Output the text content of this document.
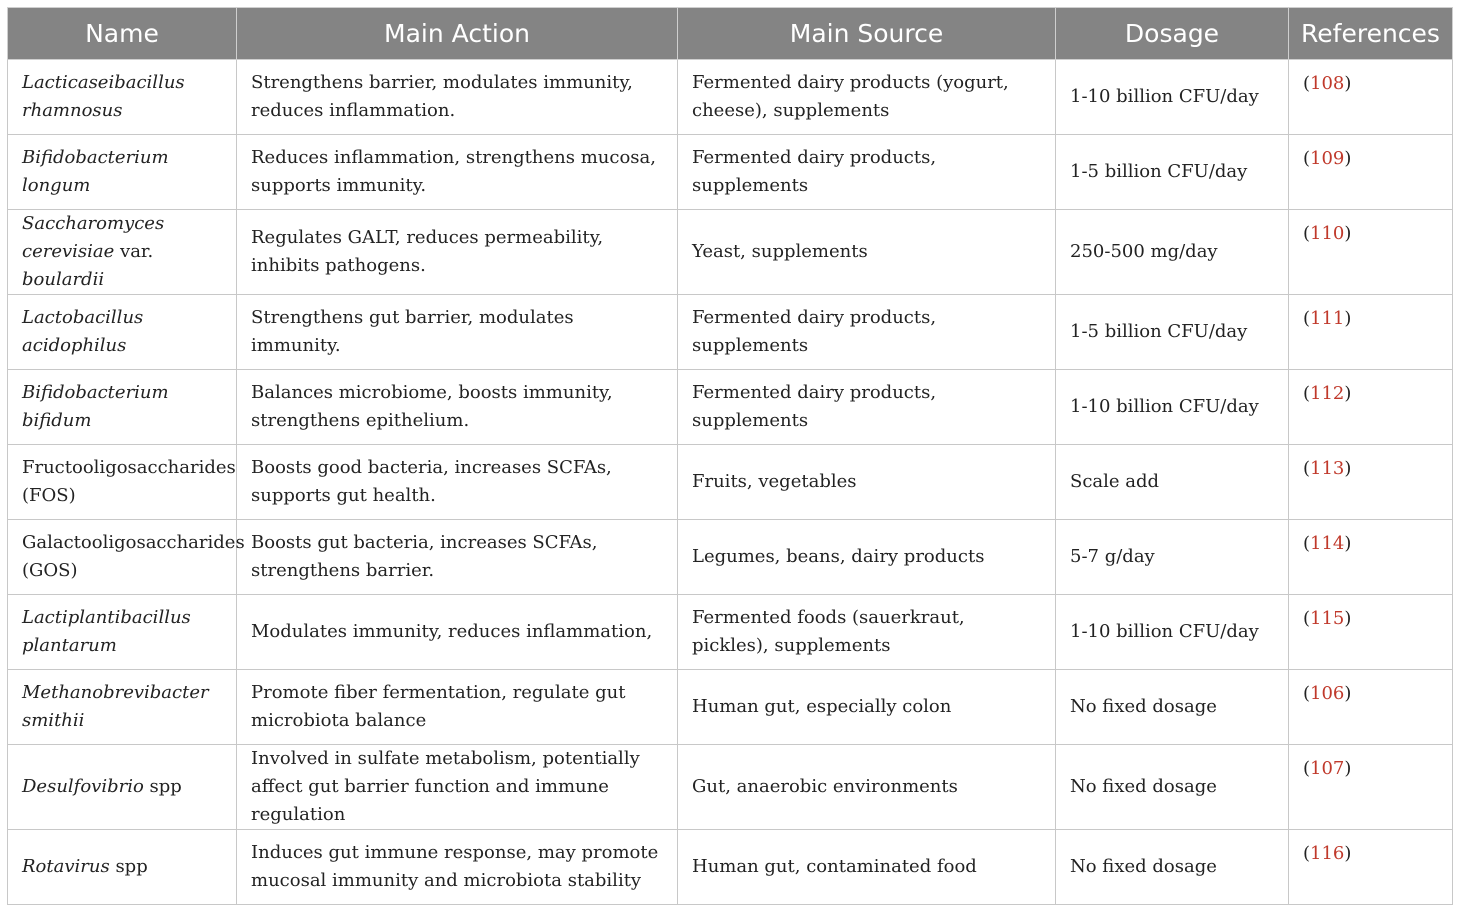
Name	Main Action	Main Source	Dosage	References
Lacticaseibacillus rhamnosus	Strengthens barrier, modulates immunity, reduces inflammation.	Fermented dairy products (yogurt, cheese), supplements	1-10 billion CFU/day	(108)
Bifidobacterium longum	Reduces inflammation, strengthens mucosa, supports immunity.	Fermented dairy products, supplements	1-5 billion CFU/day	(109)
Saccharomyces cerevisiae var. boulardii	Regulates GALT, reduces permeability, inhibits pathogens.	Yeast, supplements	250-500 mg/day	(110)
Lactobacillus acidophilus	Strengthens gut barrier, modulates immunity.	Fermented dairy products, supplements	1-5 billion CFU/day	(111)
Bifidobacterium bifidum	Balances microbiome, boosts immunity, strengthens epithelium.	Fermented dairy products, supplements	1-10 billion CFU/day	(112)
Fructooligosaccharides (FOS)	Boosts good bacteria, increases SCFAs, supports gut health.	Fruits, vegetables	Scale add	(113)
Galactooligosaccharides (GOS)	Boosts gut bacteria, increases SCFAs, strengthens barrier.	Legumes, beans, dairy products	5-7 g/day	(114)
Lactiplantibacillus plantarum	Modulates immunity, reduces inflammation,	Fermented foods (sauerkraut, pickles), supplements	1-10 billion CFU/day	(115)
Methanobrevibacter smithii	Promote fiber fermentation, regulate gut microbiota balance	Human gut, especially colon	No fixed dosage	(106)
Desulfovibrio spp	Involved in sulfate metabolism, potentially affect gut barrier function and immune regulation	Gut, anaerobic environments	No fixed dosage	(107)
Rotavirus spp	Induces gut immune response, may promote mucosal immunity and microbiota stability	Human gut, contaminated food	No fixed dosage	(116)
